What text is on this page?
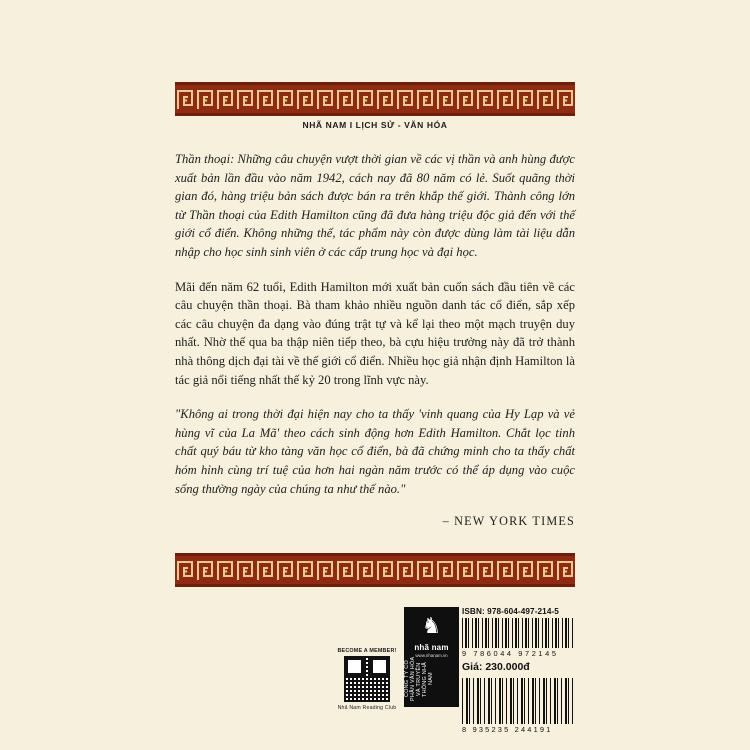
NHÃ NAM I LỊCH SỬ - VĂN HÓA

Thần thoại: Những câu chuyện vượt thời gian về các vị thần và anh hùng được xuất bản lần đầu vào năm 1942, cách nay đã 80 năm có lẻ. Suốt quãng thời gian đó, hàng triệu bản sách được bán ra trên khắp thế giới. Thành công lớn từ Thần thoại của Edith Hamilton cũng đã đưa hàng triệu độc giả đến với thế giới cổ điển. Không những thế, tác phẩm này còn được dùng làm tài liệu dẫn nhập cho học sinh sinh viên ở các cấp trung học và đại học.

Mãi đến năm 62 tuổi, Edith Hamilton mới xuất bản cuốn sách đầu tiên về các câu chuyện thần thoại. Bà tham khảo nhiều nguồn danh tác cổ điển, sắp xếp các câu chuyện đa dạng vào đúng trật tự và kể lại theo một mạch truyện duy nhất. Nhờ thế qua ba thập niên tiếp theo, bà cựu hiệu trưởng này đã trở thành nhà thông dịch đại tài về thế giới cổ điển. Nhiều học giả nhận định Hamilton là tác giả nổi tiếng nhất thế kỷ 20 trong lĩnh vực này.

"Không ai trong thời đại hiện nay cho ta thấy 'vinh quang của Hy Lạp và vẻ hùng vĩ của La Mã' theo cách sinh động hơn Edith Hamilton. Chắt lọc tinh chất quý báu từ kho tàng văn học cổ điển, bà đã chứng minh cho ta thấy chất hóm hỉnh cùng trí tuệ của hơn hai ngàn năm trước có thể áp dụng vào cuộc sống thường ngày của chúng ta như thế nào."

– NEW YORK TIMES
BECOME A MEMBER!
Nhã Nam Reading Club
♞
nhã nam
www.nhanam.vn
CÔNG TY CỔ PHẦN VĂN HÓA VÀ TRUYỀN THÔNG NHÃ NAM
ISBN: 978-604-497-214-5
9 786044 972145
Giá: 230.000đ
8 935235 244191
